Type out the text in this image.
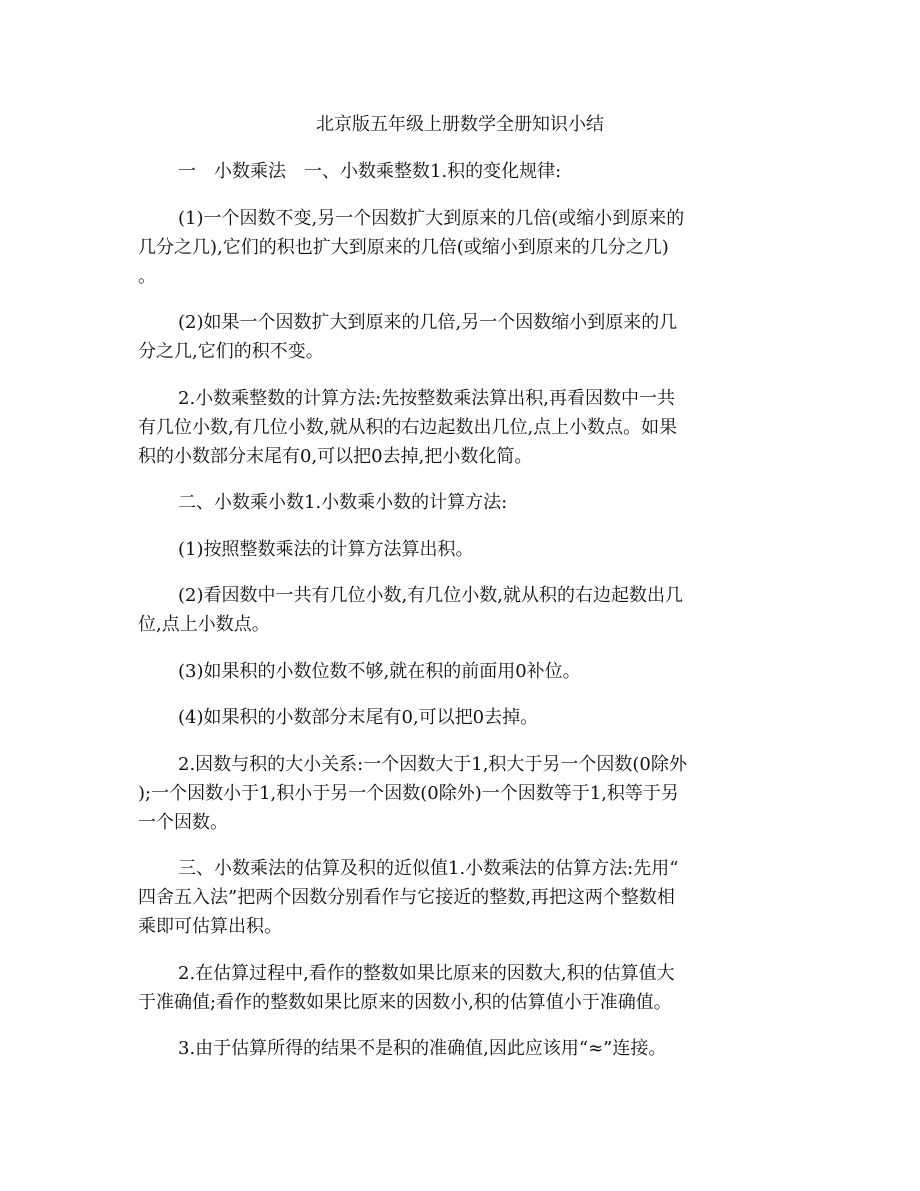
北京版五年级上册数学全册知识小结

一　小数乘法　一、小数乘整数1.积的变化规律:

(1)一个因数不变,另一个因数扩大到原来的几倍(或缩小到原来的
几分之几),它们的积也扩大到原来的几倍(或缩小到原来的几分之几)
。

(2)如果一个因数扩大到原来的几倍,另一个因数缩小到原来的几
分之几,它们的积不变。

2.小数乘整数的计算方法:先按整数乘法算出积,再看因数中一共
有几位小数,有几位小数,就从积的右边起数出几位,点上小数点。如果
积的小数部分末尾有0,可以把0去掉,把小数化简。

二、小数乘小数1.小数乘小数的计算方法:

(1)按照整数乘法的计算方法算出积。

(2)看因数中一共有几位小数,有几位小数,就从积的右边起数出几
位,点上小数点。

(3)如果积的小数位数不够,就在积的前面用0补位。

(4)如果积的小数部分末尾有0,可以把0去掉。

2.因数与积的大小关系:一个因数大于1,积大于另一个因数(0除外
);一个因数小于1,积小于另一个因数(0除外)一个因数等于1,积等于另
一个因数。

三、小数乘法的估算及积的近似值1.小数乘法的估算方法:先用“
四舍五入法”把两个因数分别看作与它接近的整数,再把这两个整数相
乘即可估算出积。

2.在估算过程中,看作的整数如果比原来的因数大,积的估算值大
于准确值;看作的整数如果比原来的因数小,积的估算值小于准确值。

3.由于估算所得的结果不是积的准确值,因此应该用“≈”连接。
